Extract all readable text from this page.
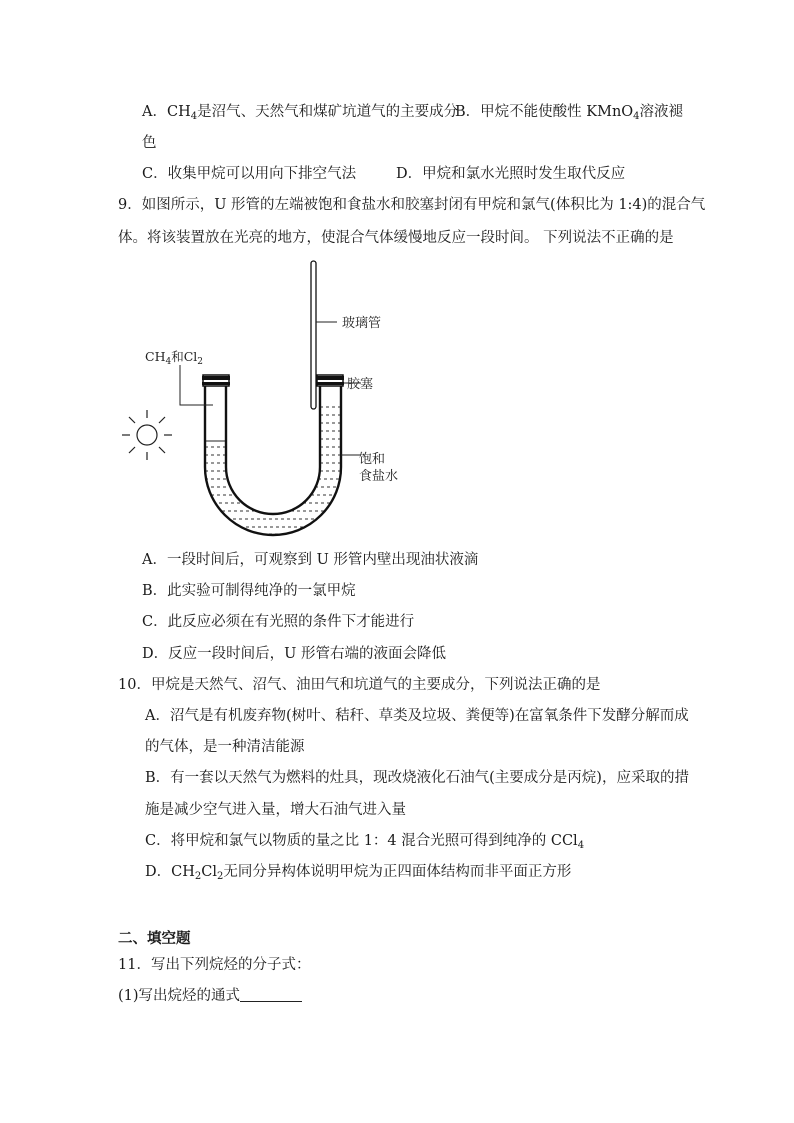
A．$CH_4$是沼气、天然气和煤矿坑道气的主要成分
B．甲烷不能使酸性 KMnO$_4$溶液褪
色
C．收集甲烷可以用向下排空气法	D．甲烷和氯水光照时发生取代反应
9．如图所示，U 形管的左端被饱和食盐水和胶塞封闭有甲烷和氯气(体积比为 1:4)的混合气
体。将该装置放在光亮的地方，使混合气体缓慢地反应一段时间。 下列说法不正确的是
$CH_4$和$Cl_2$
玻璃管
胶塞
饱和
食盐水
A．一段时间后，可观察到 U 形管内壁出现油状液滴
B．此实验可制得纯净的一氯甲烷
C．此反应必须在有光照的条件下才能进行
D．反应一段时间后，U 形管右端的液面会降低
10．甲烷是天然气、沼气、油田气和坑道气的主要成分，下列说法正确的是
A．沼气是有机废弃物(树叶、秸秆、草类及垃圾、粪便等)在富氧条件下发酵分解而成
的气体，是一种清洁能源
B．有一套以天然气为燃料的灶具，现改烧液化石油气(主要成分是丙烷)，应采取的措
施是减少空气进入量，增大石油气进入量
C．将甲烷和氯气以物质的量之比 1：4 混合光照可得到纯净的 CCl$_4$
D．$CH_2Cl_2$无同分异构体说明甲烷为正四面体结构而非平面正方形
二、填空题
11．写出下列烷烃的分子式：
(1)写出烷烃的通式
